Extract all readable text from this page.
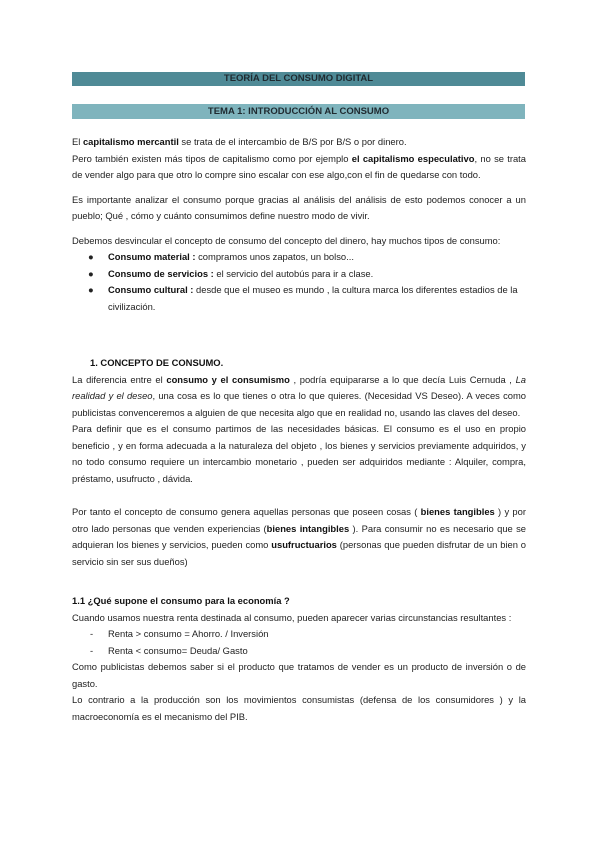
TEORÍA DEL CONSUMO DIGITAL
TEMA 1: INTRODUCCIÓN AL CONSUMO

El capitalismo mercantil se trata de el intercambio de B/S por B/S o por dinero.

Pero también existen más tipos de capitalismo como por ejemplo el capitalismo especulativo, no se trata de vender algo para que otro lo compre sino escalar con ese algo,con el fin de quedarse con todo.

Es importante analizar el consumo porque gracias al análisis del análisis de esto podemos conocer a un pueblo; Qué , cómo y cuánto consumimos define nuestro modo de vivir.

Debemos desvincular el concepto de consumo del concepto del dinero, hay muchos tipos de consumo:

● Consumo material : compramos unos zapatos, un bolso...
● Consumo de servicios : el servicio del autobús para ir a clase.
● Consumo cultural : desde que el museo es mundo , la cultura marca los diferentes estadios de la civilización.

1. CONCEPTO DE CONSUMO.

La diferencia entre el consumo y el consumismo , podría equipararse a lo que decía Luis Cernuda , La realidad y el deseo, una cosa es lo que tienes o otra lo que quieres. (Necesidad VS Deseo). A veces como publicistas convenceremos a alguien de que necesita algo que en realidad no, usando las claves del deseo.

Para definir que es el consumo partimos de las necesidades básicas. El consumo es el uso en propio beneficio , y en forma adecuada a la naturaleza del objeto , los bienes y servicios previamente adquiridos, y no todo consumo requiere un intercambio monetario , pueden ser adquiridos mediante : Alquiler, compra, préstamo, usufructo , dávida.

Por tanto el concepto de consumo genera aquellas personas que poseen cosas ( bienes tangibles ) y por otro lado personas que venden experiencias (bienes intangibles ). Para consumir no es necesario que se adquieran los bienes y servicios, pueden como usufructuarios (personas que pueden disfrutar de un bien o servicio sin ser sus dueños)

1.1 ¿Qué supone el consumo para la economía ?

Cuando usamos nuestra renta destinada al consumo, pueden aparecer varias circunstancias resultantes :

- Renta > consumo = Ahorro. / Inversión
- Renta < consumo= Deuda/ Gasto

Como publicistas debemos saber si el producto que tratamos de vender es un producto de inversión o de gasto.

Lo contrario a la producción son los movimientos consumistas (defensa de los consumidores ) y la macroeconomía es el mecanismo del PIB.
